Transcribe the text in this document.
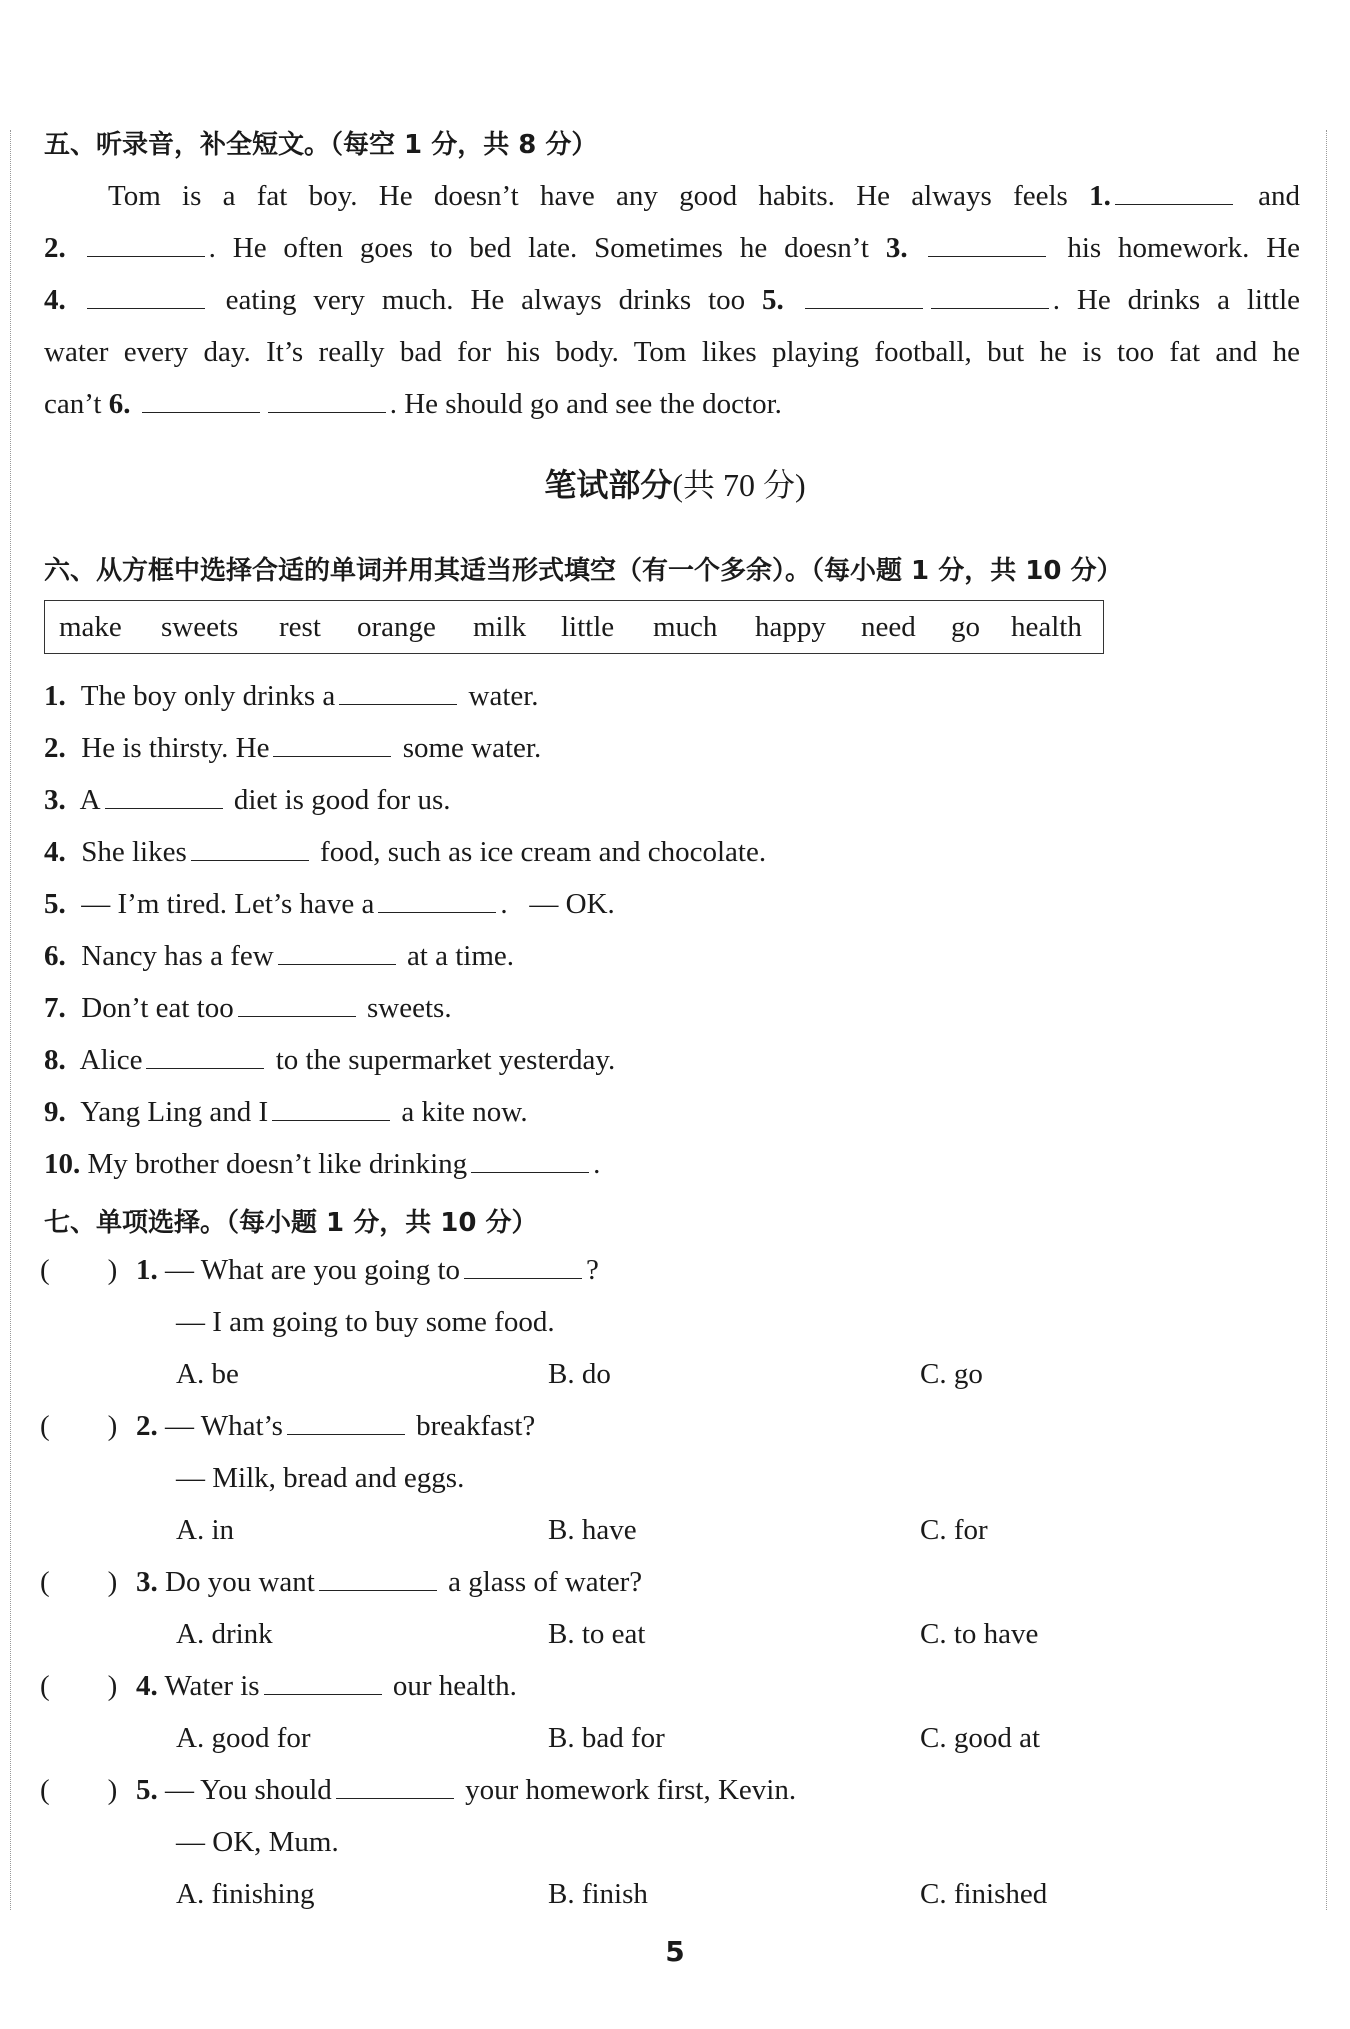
五、听录音，补全短文。（每空 1 分，共 8 分）
Tom is a fat boy. He doesn’t have any good habits. He always feels 1.	and
2.	. He often goes to bed late. Sometimes he doesn’t 3.	his homework. He
4.	eating very much. He always drinks too 5.	. He drinks a little
water every day. It’s really bad for his body. Tom likes playing football, but he is too fat and he
can’t 6.	. He should go and see the doctor.
笔试部分(共 70 分)
六、从方框中选择合适的单词并用其适当形式填空（有一个多余）。（每小题 1 分，共 10 分）
make sweets rest orange milk little much happy need go health
1. The boy only drinks a	water.
2. He is thirsty. He	some water.
3. A	diet is good for us.
4. She likes	food, such as ice cream and chocolate.
5. — I’m tired. Let’s have a	.   — OK.
6. Nancy has a few	at a time.
7. Don’t eat too	sweets.
8. Alice	to the supermarket yesterday.
9. Yang Ling and I	a kite now.
10. My brother doesn’t like drinking	.
七、单项选择。（每小题 1 分，共 10 分）
(　　) 1. — What are you going to	?
— I am going to buy some food.
A. be	B. do	C. go
(　　) 2. — What’s	breakfast?
— Milk, bread and eggs.
A. in	B. have	C. for
(　　) 3. Do you want	a glass of water?
A. drink	B. to eat	C. to have
(　　) 4. Water is	our health.
A. good for	B. bad for	C. good at
(　　) 5. — You should	your homework first, Kevin.
— OK, Mum.
A. finishing	B. finish	C. finished
5
